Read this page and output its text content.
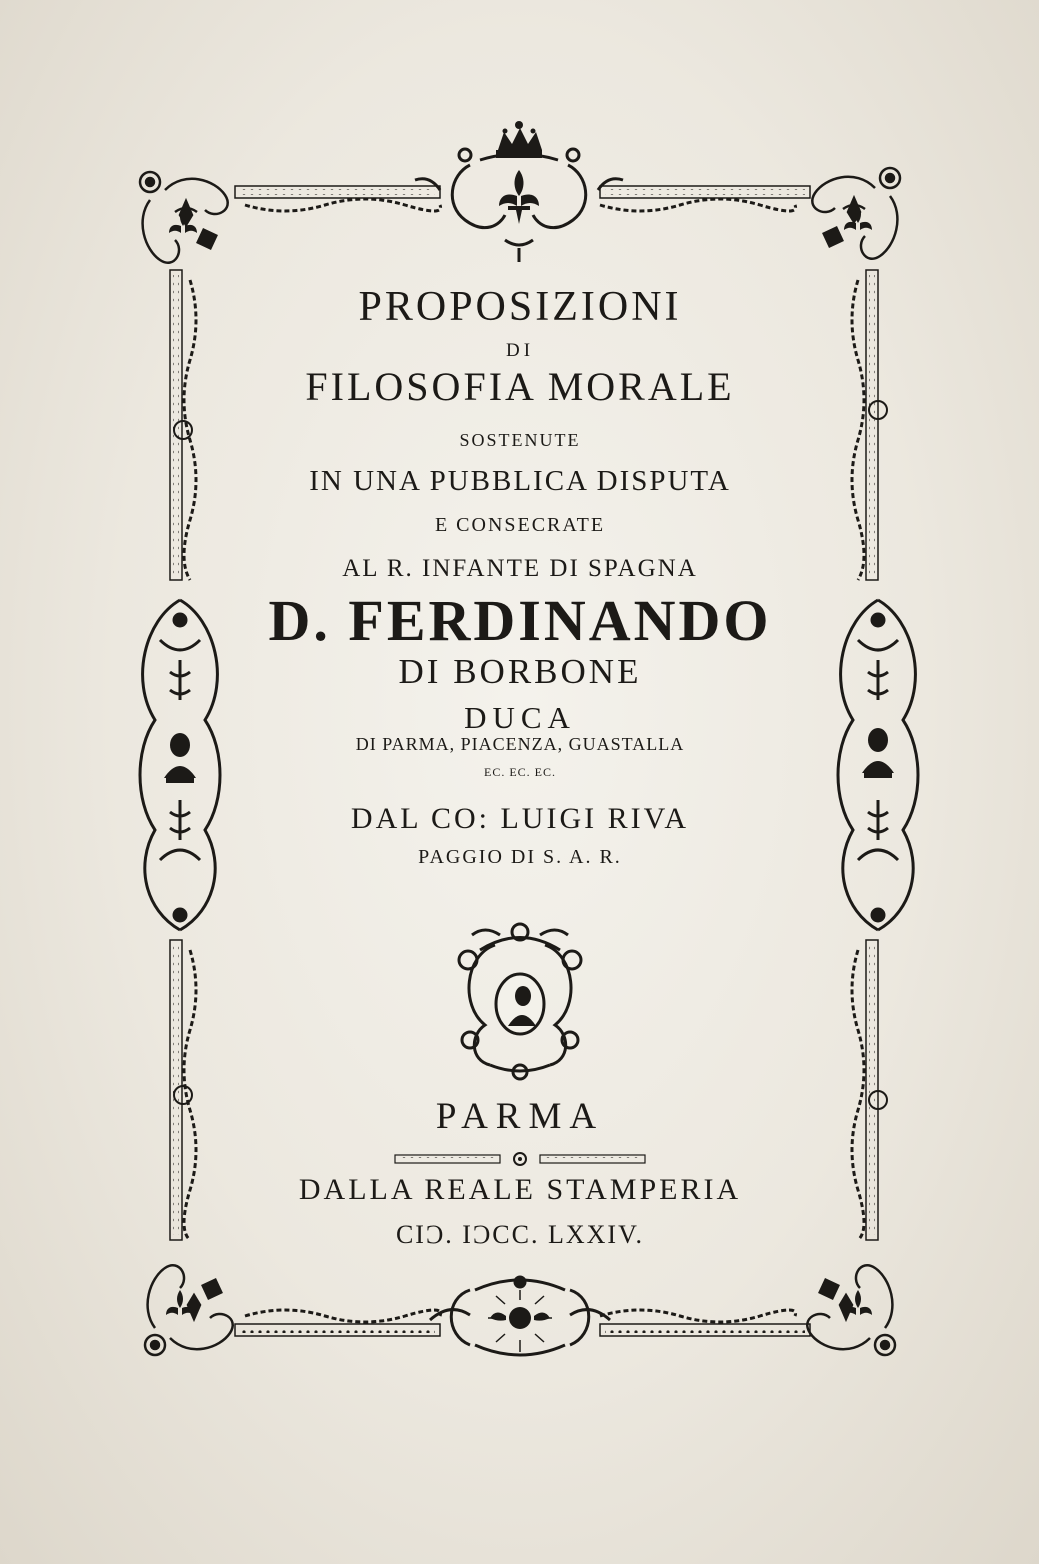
PROPOSIZIONI
DI
FILOSOFIA MORALE
SOSTENUTE
IN UNA PUBBLICA DISPUTA
E CONSECRATE
AL R. INFANTE DI SPAGNA
D. FERDINANDO
DI BORBONE
DUCA
DI PARMA, PIACENZA, GUASTALLA
EC. EC. EC.
DAL CO: LUIGI RIVA
PAGGIO DI S. A. R.
PARMA
DALLA REALE STAMPERIA
CIϽ. IϽCC. LXXIV.
